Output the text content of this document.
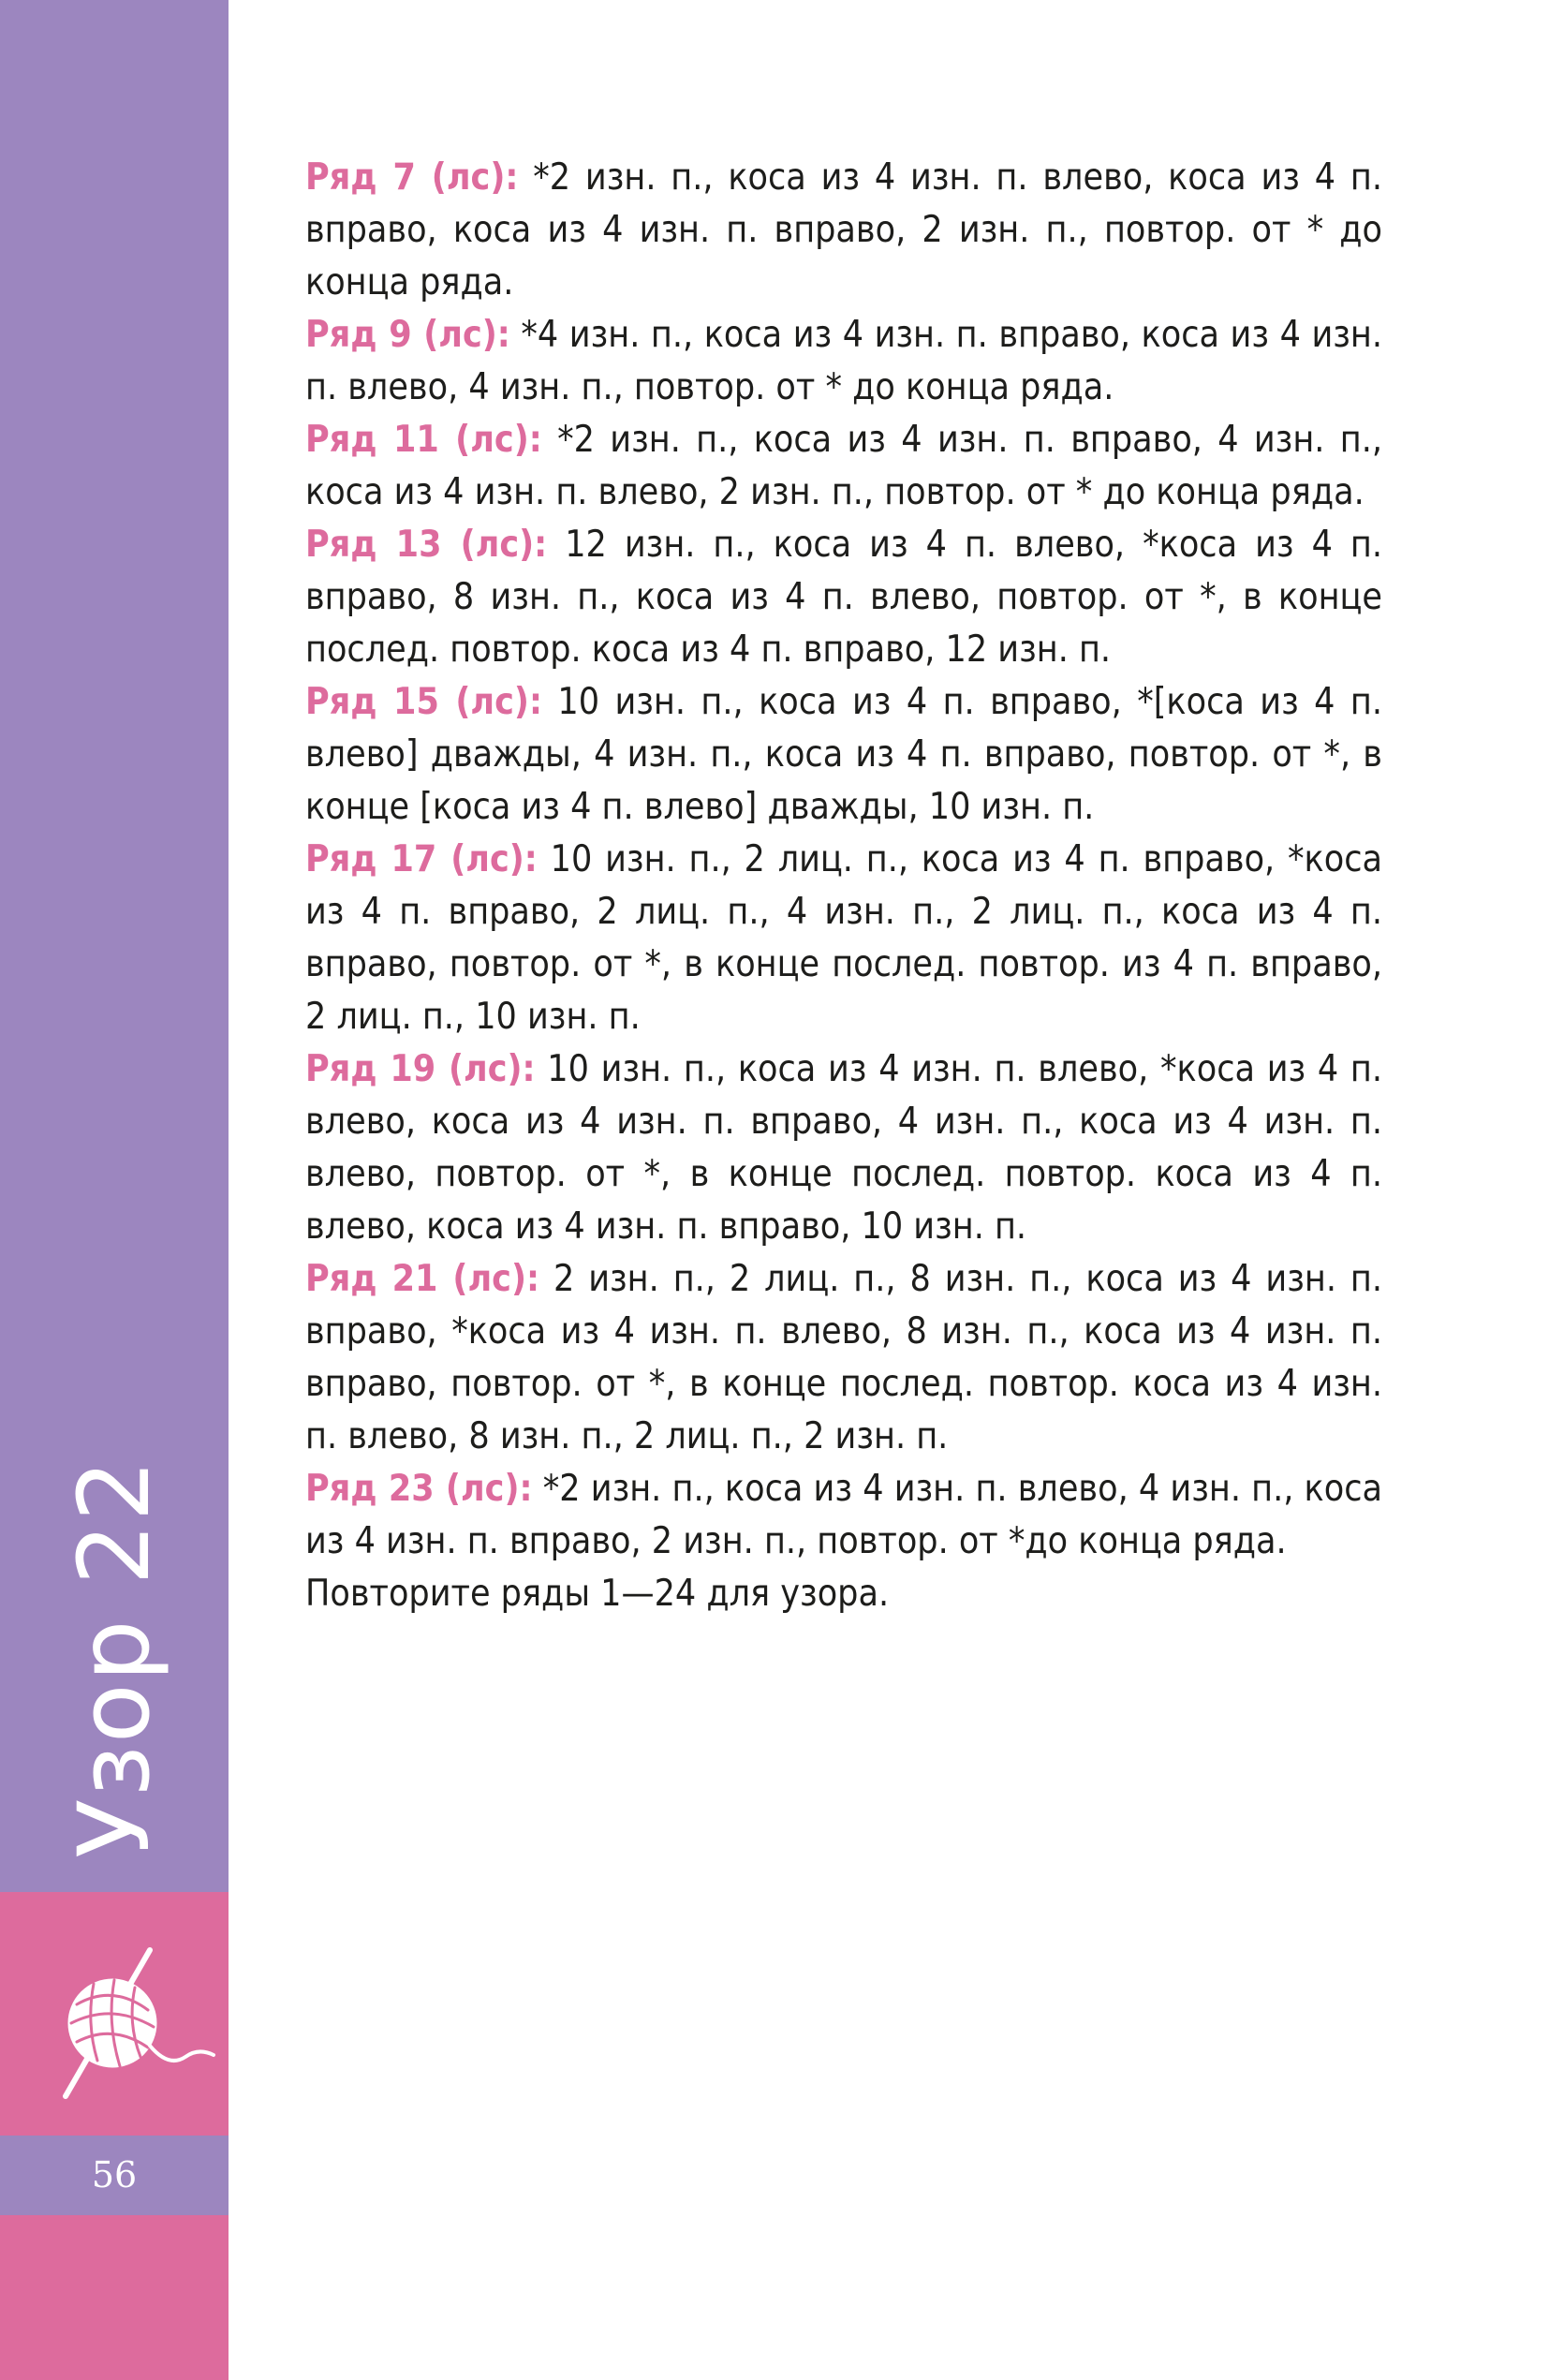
Узор 22
56

Ряд 7 (лс): *2 изн. п., коса из 4 изн. п. влево, коса из 4 п. вправо, коса из 4 изн. п. вправо, 2 изн. п., повтор. от * до конца ряда.

Ряд 9 (лс): *4 изн. п., коса из 4 изн. п. вправо, коса из 4 изн. п. влево, 4 изн. п., повтор. от * до конца ряда.

Ряд 11 (лс): *2 изн. п., коса из 4 изн. п. вправо, 4 изн. п., коса из 4 изн. п. влево, 2 изн. п., повтор. от * до конца ряда.

Ряд 13 (лс): 12 изн. п., коса из 4 п. влево, *коса из 4 п. вправо, 8 изн. п., коса из 4 п. влево, повтор. от *, в конце послед. повтор. коса из 4 п. вправо, 12 изн. п.

Ряд 15 (лс): 10 изн. п., коса из 4 п. вправо, *[коса из 4 п. влево] дважды, 4 изн. п., коса из 4 п. вправо, повтор. от *, в конце [коса из 4 п. влево] дважды, 10 изн. п.

Ряд 17 (лс): 10 изн. п., 2 лиц. п., коса из 4 п. вправо, *коса из 4 п. вправо, 2 лиц. п., 4 изн. п., 2 лиц. п., коса из 4 п. вправо, повтор. от *, в конце послед. повтор. из 4 п. вправо, 2 лиц. п., 10 изн. п.

Ряд 19 (лс): 10 изн. п., коса из 4 изн. п. влево, *коса из 4 п. влево, коса из 4 изн. п. вправо, 4 изн. п., коса из 4 изн. п. влево, повтор. от *, в конце послед. повтор. коса из 4 п. влево, коса из 4 изн. п. вправо, 10 изн. п.

Ряд 21 (лс): 2 изн. п., 2 лиц. п., 8 изн. п., коса из 4 изн. п. вправо, *коса из 4 изн. п. влево, 8 изн. п., коса из 4 изн. п. вправо, повтор. от *, в конце послед. повтор. коса из 4 изн. п. влево, 8 изн. п., 2 лиц. п., 2 изн. п.

Ряд 23 (лс): *2 изн. п., коса из 4 изн. п. влево, 4 изн. п., коса из 4 изн. п. вправо, 2 изн. п., повтор. от *до конца ряда.

Повторите ряды 1—24 для узора.
